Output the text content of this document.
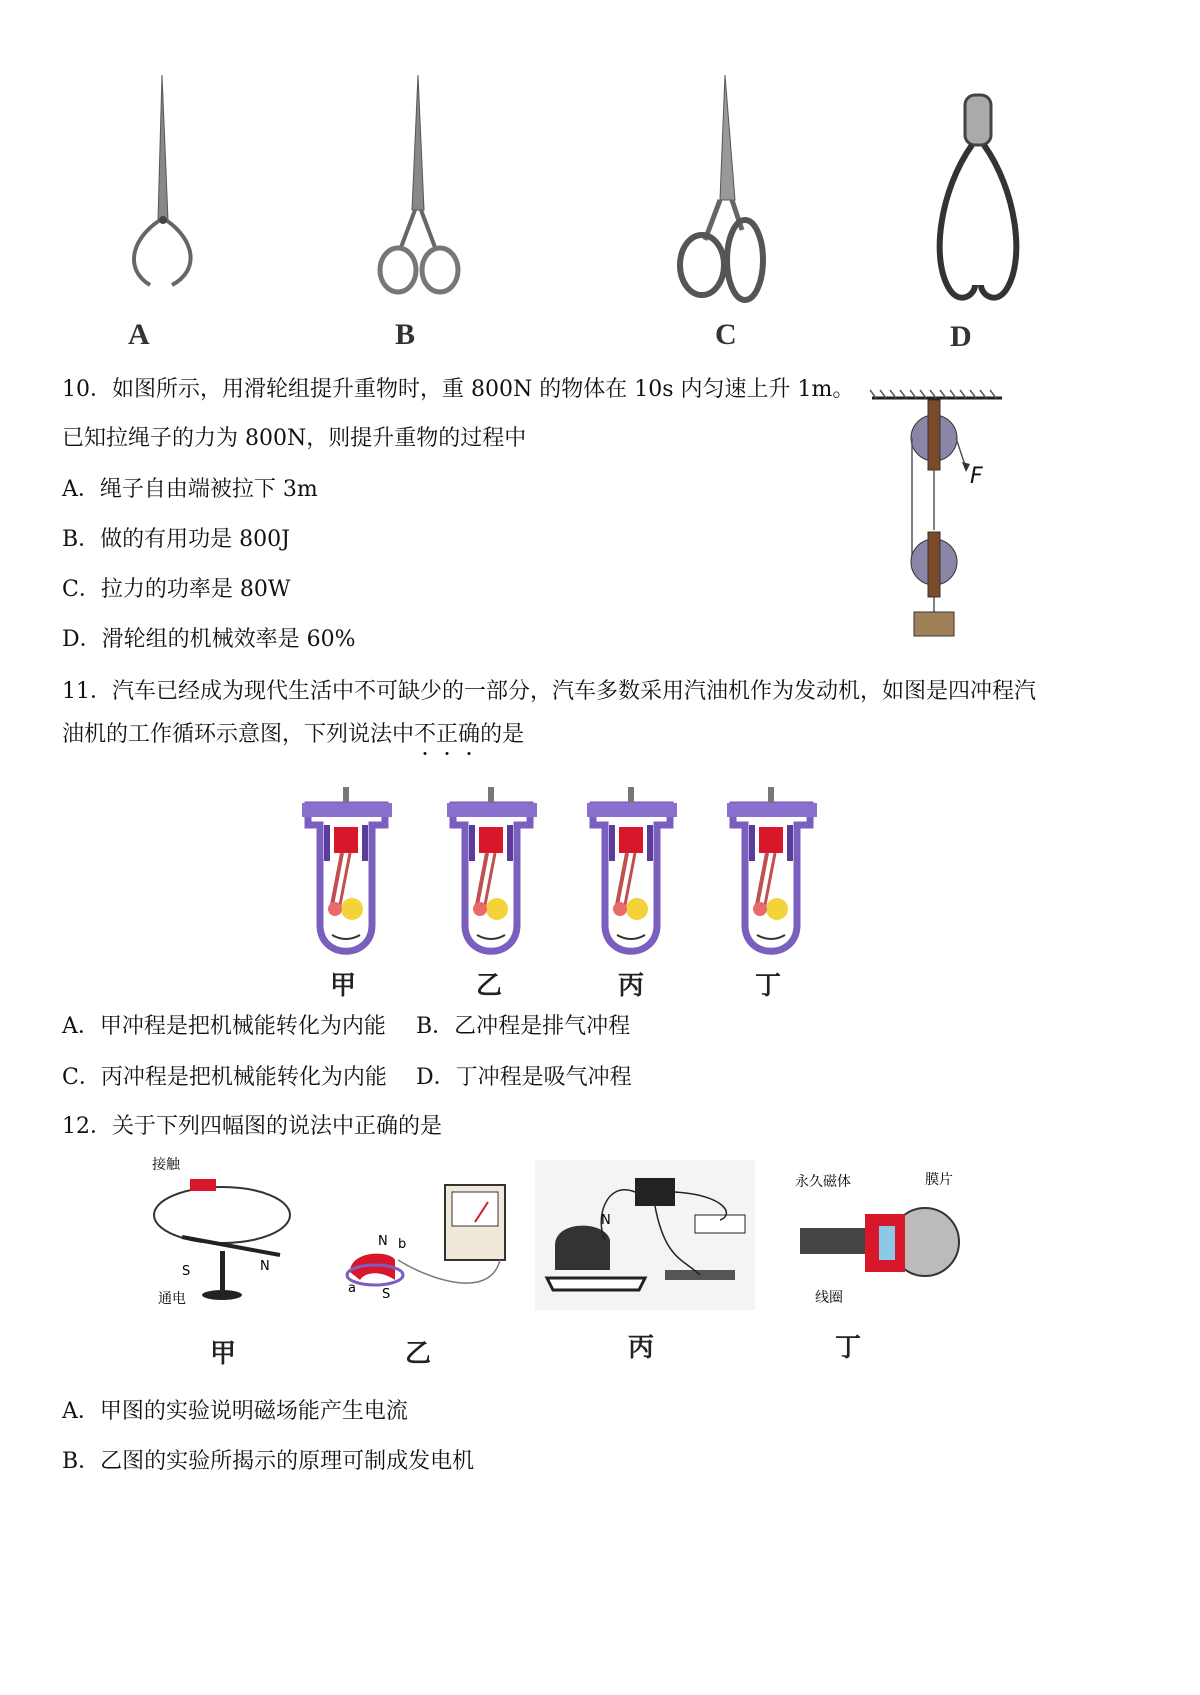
A	B	C	D
10．如图所示，用滑轮组提升重物时，重 800N 的物体在 10s 内匀速上升 1m。
已知拉绳子的力为 800N，则提升重物的过程中
A．绳子自由端被拉下 3m
B．做的有用功是 800J
C．拉力的功率是 80W
D．滑轮组的机械效率是 60%
F
11．汽车已经成为现代生活中不可缺少的一部分，汽车多数采用汽油机作为发动机，如图是四冲程汽
油机的工作循环示意图，下列说法中不
正
确
的是
甲	乙	丙	丁
A．甲冲程是把机械能转化为内能 B．乙冲程是排气冲程
C．丙冲程是把机械能转化为内能 D．丁冲程是吸气冲程
12．关于下列四幅图的说法中正确的是
接触
S	N
通电
N b
a S
N
永久磁体	膜片
线圈
甲	乙	丙	丁
A．甲图的实验说明磁场能产生电流
B．乙图的实验所揭示的原理可制成发电机
